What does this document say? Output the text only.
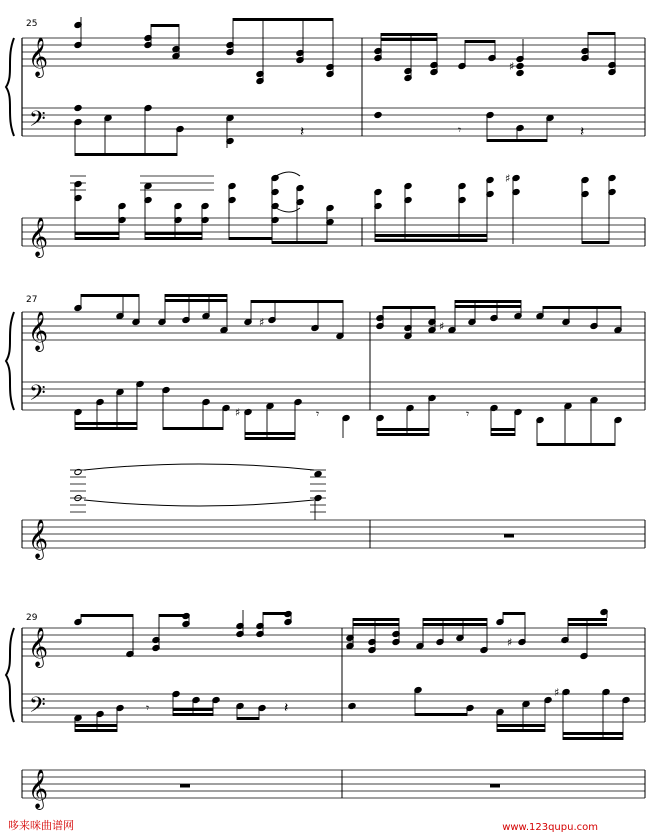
𝄞
𝄢
𝄞
25
♯
𝄽	𝄾	𝄽
♯
𝄞
𝄢
𝄞
27
♯	♯
♯	𝄾	𝄾
𝄞
𝄢
𝄞
29
♯
𝄾	𝄽
♯
哆来咪曲谱网	www.123qupu.com
